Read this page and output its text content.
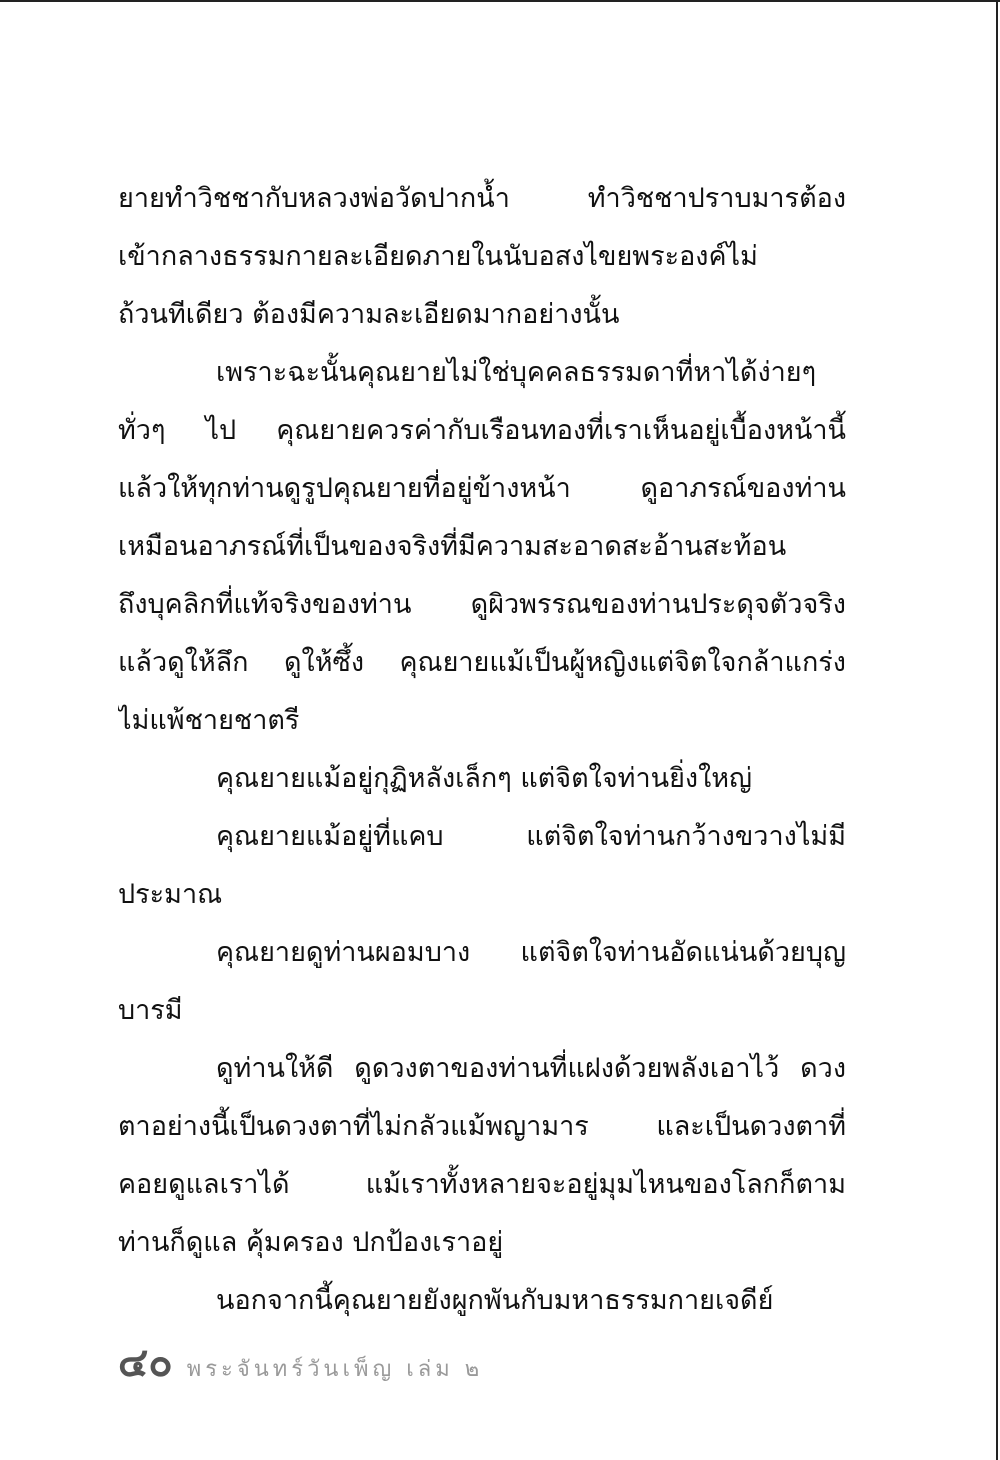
ยายทำวิชชากับหลวงพ่อวัดปากน้ำ ทำวิชชาปราบมารต้อง
เข้ากลางธรรมกายละเอียดภายในนับอสงไขยพระองค์ไม่
ถ้วนทีเดียว ต้องมีความละเอียดมากอย่างนั้น
เพราะฉะนั้นคุณยายไม่ใช่บุคคลธรรมดาที่หาได้ง่ายๆ
ทั่วๆ ไป คุณยายควรค่ากับเรือนทองที่เราเห็นอยู่เบื้องหน้านี้
แล้วให้ทุกท่านดูรูปคุณยายที่อยู่ข้างหน้า ดูอาภรณ์ของท่าน
เหมือนอาภรณ์ที่เป็นของจริงที่มีความสะอาดสะอ้านสะท้อน
ถึงบุคลิกที่แท้จริงของท่าน ดูผิวพรรณของท่านประดุจตัวจริง
แล้วดูให้ลึก ดูให้ซึ้ง คุณยายแม้เป็นผู้หญิงแต่จิตใจกล้าแกร่ง
ไม่แพ้ชายชาตรี
คุณยายแม้อยู่กุฏิหลังเล็กๆ แต่จิตใจท่านยิ่งใหญ่
คุณยายแม้อยู่ที่แคบ แต่จิตใจท่านกว้างขวางไม่มี
ประมาณ
คุณยายดูท่านผอมบาง แต่จิตใจท่านอัดแน่นด้วยบุญ
บารมี
ดูท่านให้ดี ดูดวงตาของท่านที่แฝงด้วยพลังเอาไว้ ดวง
ตาอย่างนี้เป็นดวงตาที่ไม่กลัวแม้พญามาร และเป็นดวงตาที่
คอยดูแลเราได้ แม้เราทั้งหลายจะอยู่มุมไหนของโลกก็ตาม
ท่านก็ดูแล คุ้มครอง ปกป้องเราอยู่
นอกจากนี้คุณยายยังผูกพันกับมหาธรรมกายเจดีย์
๔๐ พระจันทร์วันเพ็ญ เล่ม ๒
